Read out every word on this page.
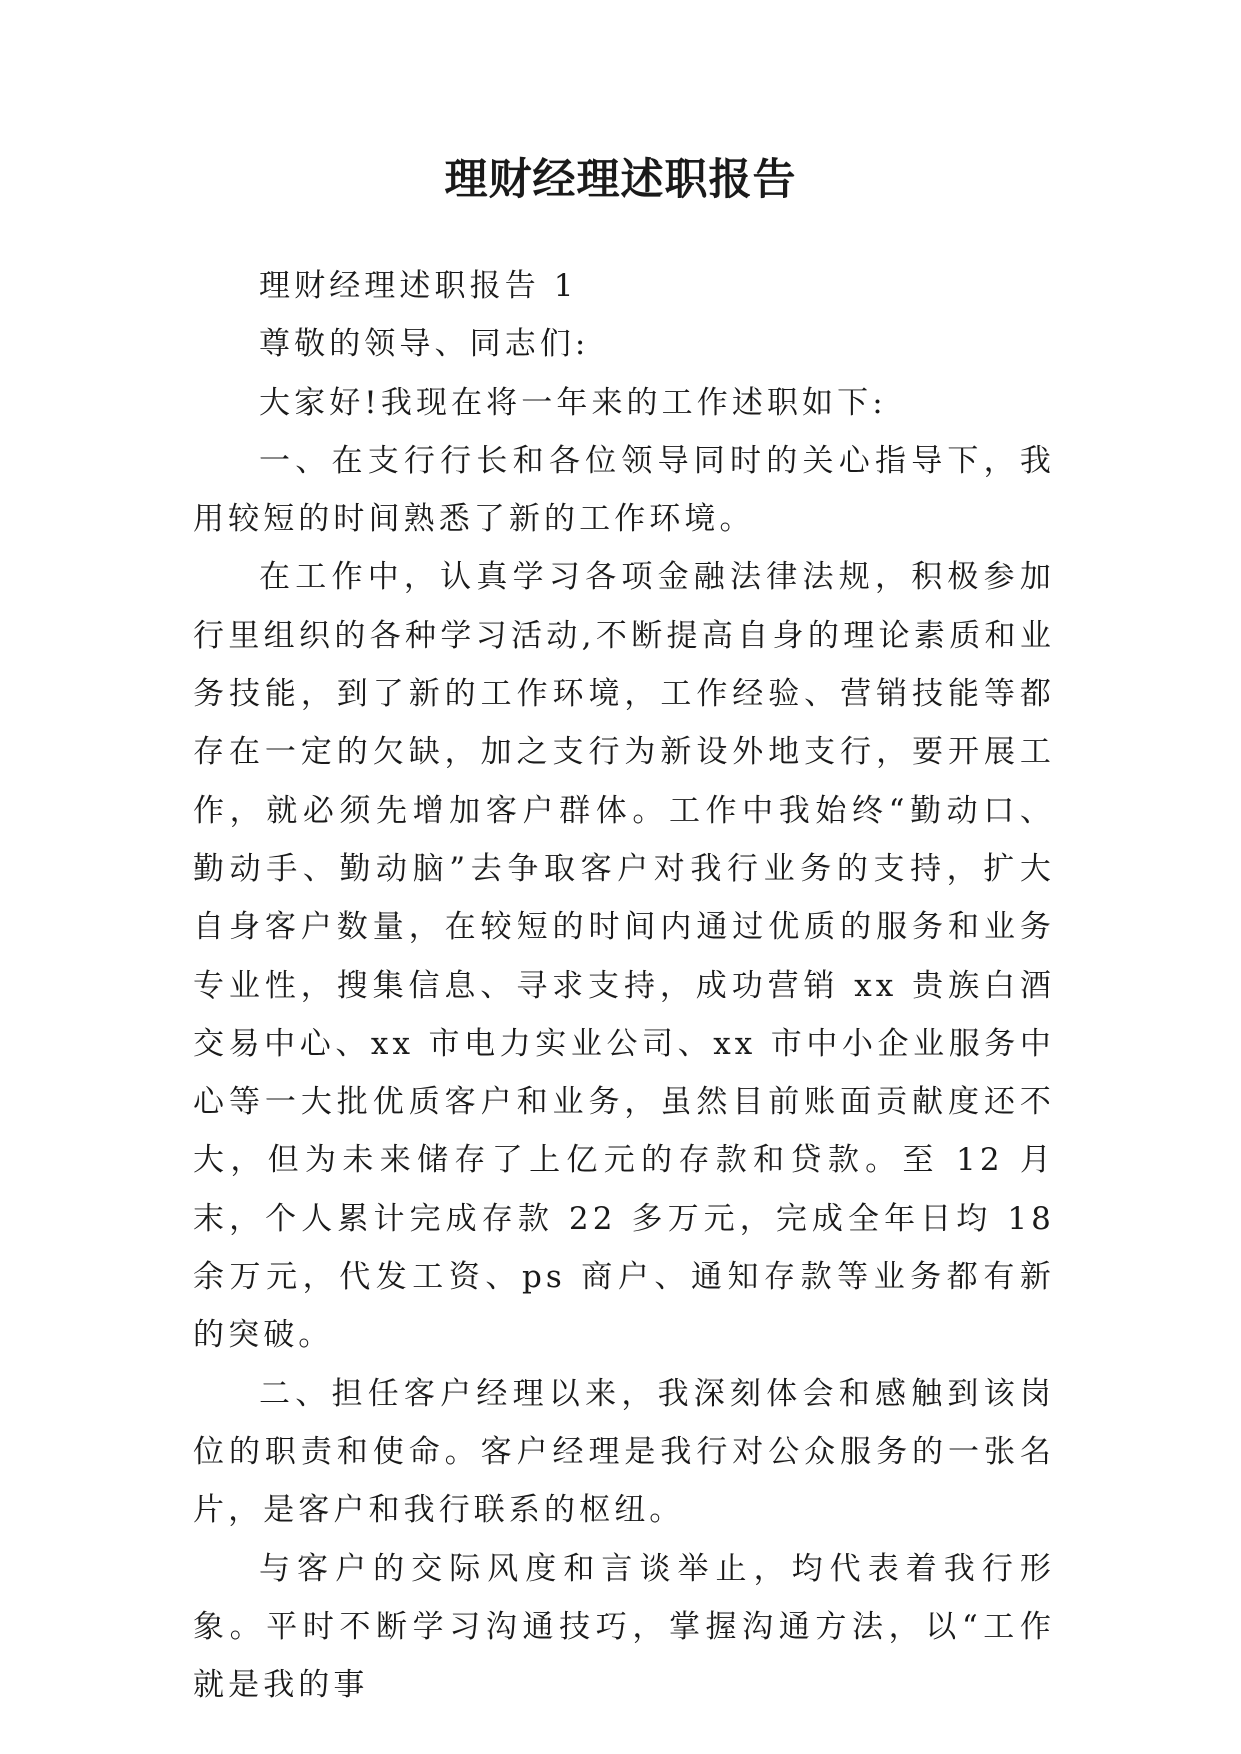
理财经理述职报告

理财经理述职报告 1

尊敬的领导、同志们:

大家好!我现在将一年来的工作述职如下:

一、在支行行长和各位领导同时的关心指导下，我用较短的时间熟悉了新的工作环境。

在工作中，认真学习各项金融法律法规，积极参加行里组织的各种学习活动,不断提高自身的理论素质和业务技能，到了新的工作环境，工作经验、营销技能等都存在一定的欠缺，加之支行为新设外地支行，要开展工作，就必须先增加客户群体。工作中我始终“勤动口、勤动手、勤动脑”去争取客户对我行业务的支持，扩大自身客户数量，在较短的时间内通过优质的服务和业务专业性，搜集信息、寻求支持，成功营销 xx 贵族白酒交易中心、xx 市电力实业公司、xx 市中小企业服务中心等一大批优质客户和业务，虽然目前账面贡献度还不大，但为未来储存了上亿元的存款和贷款。至 12 月末，个人累计完成存款 22 多万元，完成全年日均 18 余万元，代发工资、ps 商户、通知存款等业务都有新的突破。

二、担任客户经理以来，我深刻体会和感触到该岗位的职责和使命。客户经理是我行对公众服务的一张名片，是客户和我行联系的枢纽。

与客户的交际风度和言谈举止，均代表着我行形象。平时不断学习沟通技巧，掌握沟通方法，以“工作就是我的事
